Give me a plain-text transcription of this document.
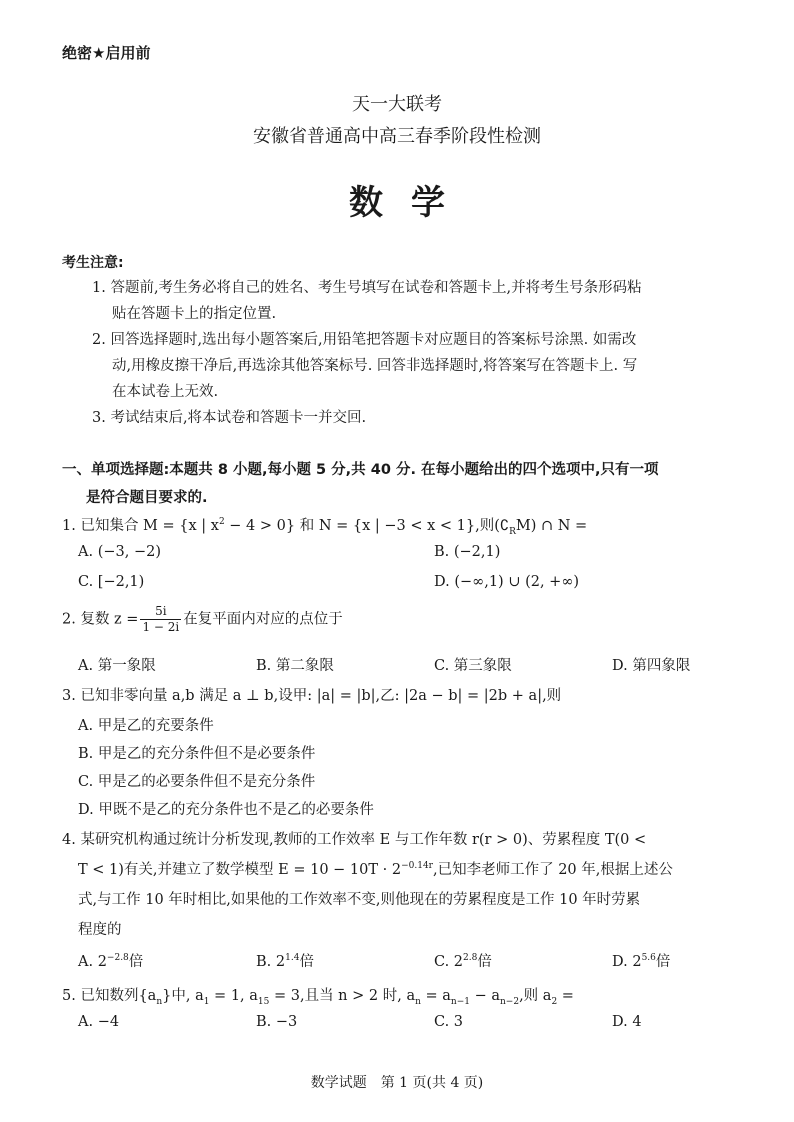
绝密★启用前
天一大联考
安徽省普通高中高三春季阶段性检测
数学
考生注意:
1. 答题前,考生务必将自己的姓名、考生号填写在试卷和答题卡上,并将考生号条形码粘
贴在答题卡上的指定位置.
2. 回答选择题时,选出每小题答案后,用铅笔把答题卡对应题目的答案标号涂黑. 如需改
动,用橡皮擦干净后,再选涂其他答案标号. 回答非选择题时,将答案写在答题卡上. 写
在本试卷上无效.
3. 考试结束后,将本试卷和答题卡一并交回.
一、单项选择题:本题共 8 小题,每小题 5 分,共 40 分. 在每小题给出的四个选项中,只有一项
是符合题目要求的.
1. 已知集合 M = {x | $x^2 - 4 > 0$} 和 N = {x | −3 < x < 1},则$(∁_RM)$ ∩ N =
A. (−3, −2)	B. (−2,1)
C. [−2,1)	D. (−∞,1) ∪ (2, +∞)
2. 复数 $z = \frac{5i}{1 - 2i}$ 在复平面内对应的点位于
A. 第一象限	B. 第二象限	C. 第三象限	D. 第四象限
3. 已知非零向量 a,b 满足 a ⊥ b,设甲: |a| = |b|,乙: |2a − b| = |2b + a|,则
A. 甲是乙的充要条件
B. 甲是乙的充分条件但不是必要条件
C. 甲是乙的必要条件但不是充分条件
D. 甲既不是乙的充分条件也不是乙的必要条件
4. 某研究机构通过统计分析发现,教师的工作效率 E 与工作年数 r(r > 0)、劳累程度 T(0 <
T < 1)有关,并建立了数学模型 $E = 10 - 10T \cdot 2^{-0.14r}$,已知李老师工作了 20 年,根据上述公
式,与工作 10 年时相比,如果他的工作效率不变,则他现在的劳累程度是工作 10 年时劳累
程度的
A. $2^{-2.8}$倍	B. $2^{1.4}$倍	C. $2^{2.8}$倍	D. $2^{5.6}$倍
5. 已知数列$\{a_n\}$中, $a_1 = 1$, $a_{15} = 3$,且当 n > 2 时, $a_n = a_{n-1} - a_{n-2}$,则 $a_2$ =
A. −4	B. −3	C. 3	D. 4
数学试题　第 1 页(共 4 页)
